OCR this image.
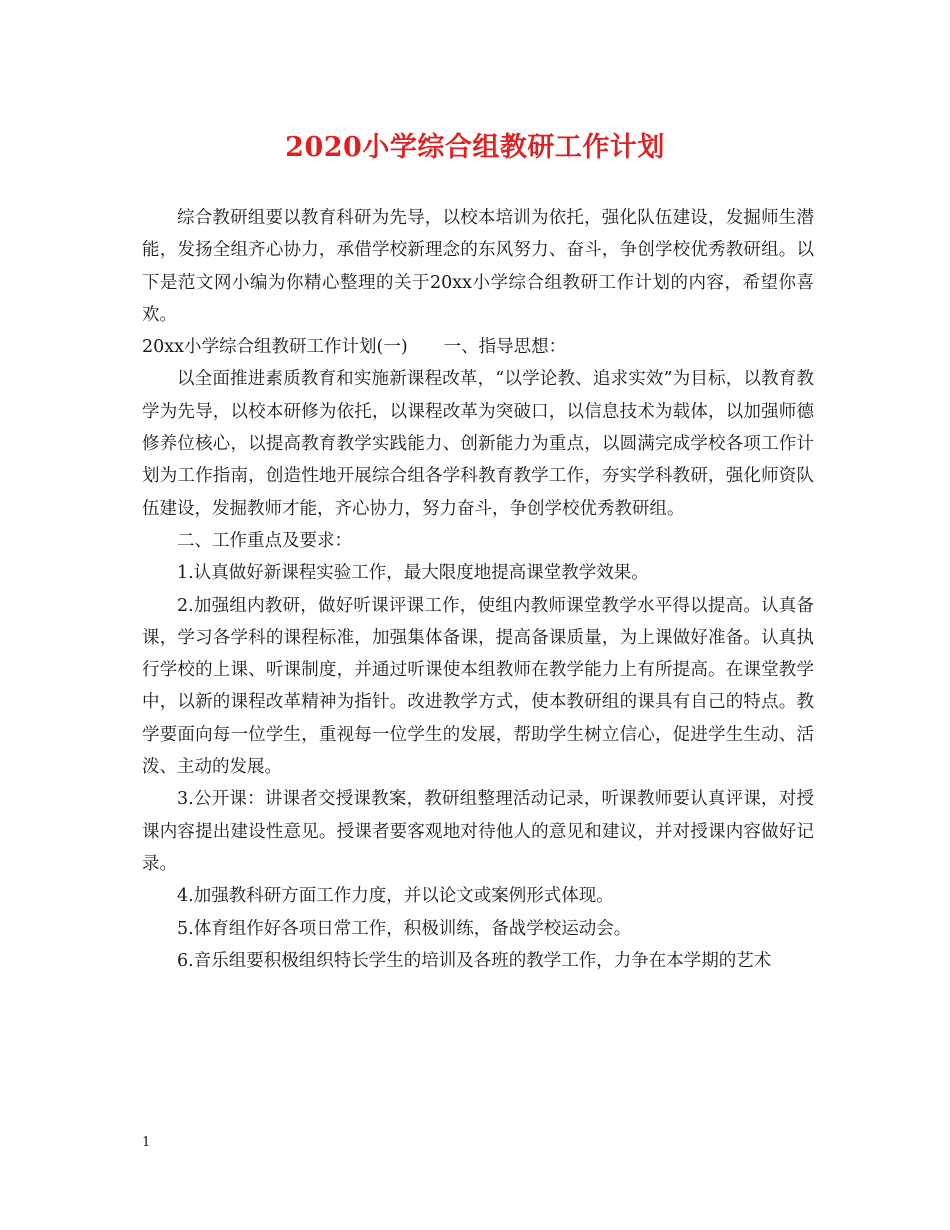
2020小学综合组教研工作计划

综合教研组要以教育科研为先导，以校本培训为依托，强化队伍建设，发掘师生潜能，发扬全组齐心协力，承借学校新理念的东风努力、奋斗，争创学校优秀教研组。以下是范文网小编为你精心整理的关于20xx小学综合组教研工作计划的内容，希望你喜欢。

20xx小学综合组教研工作计划(一) 一、指导思想：

以全面推进素质教育和实施新课程改革，“以学论教、追求实效”为目标，以教育教学为先导，以校本研修为依托，以课程改革为突破口，以信息技术为载体，以加强师德修养位核心，以提高教育教学实践能力、创新能力为重点，以圆满完成学校各项工作计划为工作指南，创造性地开展综合组各学科教育教学工作，夯实学科教研，强化师资队伍建设，发掘教师才能，齐心协力，努力奋斗，争创学校优秀教研组。

二、工作重点及要求：

1.认真做好新课程实验工作，最大限度地提高课堂教学效果。

2.加强组内教研，做好听课评课工作，使组内教师课堂教学水平得以提高。认真备课，学习各学科的课程标准，加强集体备课，提高备课质量，为上课做好准备。认真执行学校的上课、听课制度，并通过听课使本组教师在教学能力上有所提高。在课堂教学中，以新的课程改革精神为指针。改进教学方式，使本教研组的课具有自己的特点。教学要面向每一位学生，重视每一位学生的发展，帮助学生树立信心，促进学生生动、活泼、主动的发展。

3.公开课：讲课者交授课教案，教研组整理活动记录，听课教师要认真评课，对授课内容提出建设性意见。授课者要客观地对待他人的意见和建议，并对授课内容做好记录。

4.加强教科研方面工作力度，并以论文或案例形式体现。

5.体育组作好各项日常工作，积极训练，备战学校运动会。

6.音乐组要积极组织特长学生的培训及各班的教学工作，力争在本学期的艺术

1
